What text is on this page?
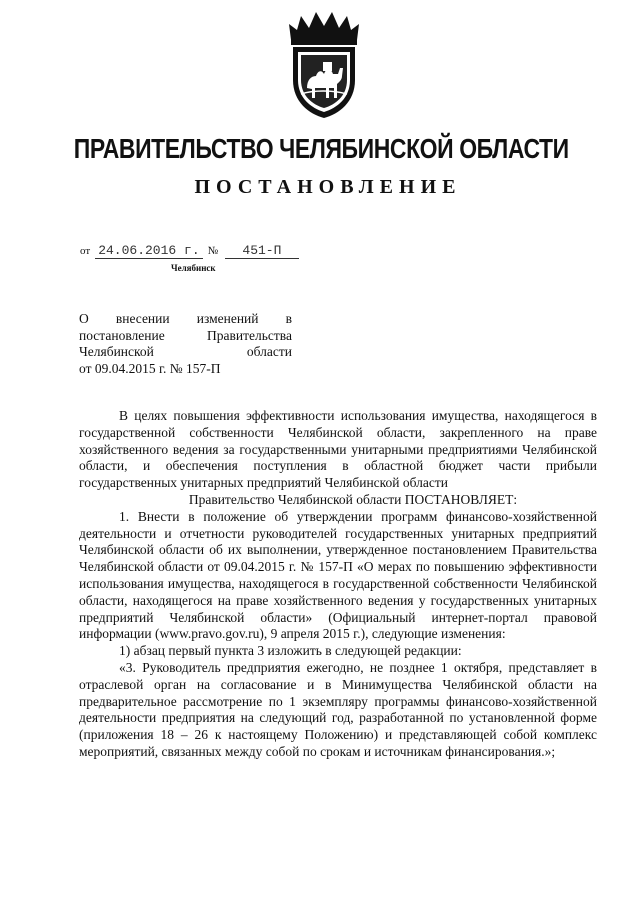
ПРАВИТЕЛЬСТВО ЧЕЛЯБИНСКОЙ ОБЛАСТИ
ПОСТАНОВЛЕНИЕ
от 24.06.2016 г. № 451-П
Челябинск
О внесении изменений в
постановление Правительства
Челябинской области
от 09.04.2015 г. № 157-П

В целях повышения эффективности использования имущества, находящегося в государственной собственности Челябинской области, закрепленного на праве хозяйственного ведения за государственными унитарными предприятиями Челябинской области, и обеспечения поступления в областной бюджет части прибыли государственных унитарных предприятий Челябинской области

Правительство Челябинской области ПОСТАНОВЛЯЕТ:

1. Внести в положение об утверждении программ финансово-хозяйственной деятельности и отчетности руководителей государственных унитарных предприятий Челябинской области об их выполнении, утвержденное постановлением Правительства Челябинской области от 09.04.2015 г. № 157-П «О мерах по повышению эффективности использования имущества, находящегося в государственной собственности Челябинской области, находящегося на праве хозяйственного ведения у государственных унитарных предприятий Челябинской области» (Официальный интернет-портал правовой информации (www.pravo.gov.ru), 9 апреля 2015 г.), следующие изменения:

1) абзац первый пункта 3 изложить в следующей редакции:

«3. Руководитель предприятия ежегодно, не позднее 1 октября, представляет в отраслевой орган на согласование и в Минимущества Челябинской области на предварительное рассмотрение по 1 экземпляру программы финансово-хозяйственной деятельности предприятия на следующий год, разработанной по установленной форме (приложения 18 – 26 к настоящему Положению) и представляющей собой комплекс мероприятий, связанных между собой по срокам и источникам финансирования.»;
